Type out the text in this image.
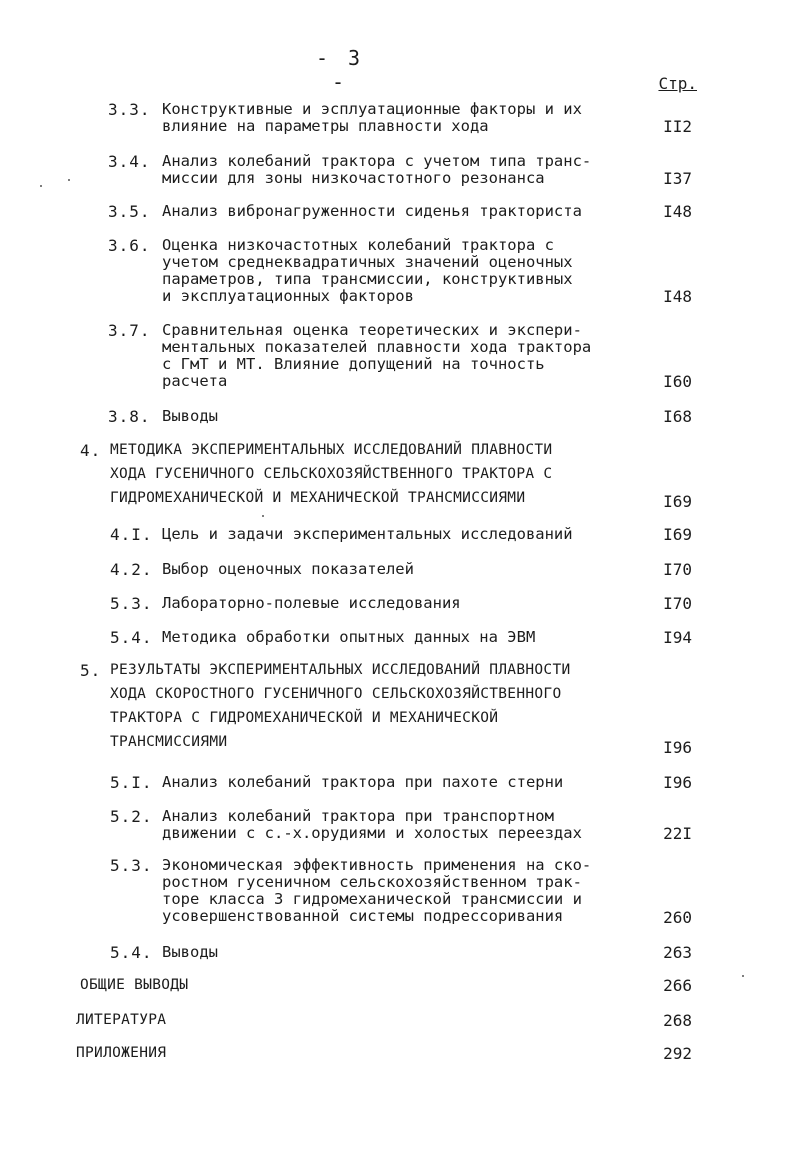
- 3 -	Стр.
3.3. Конструктивные и эсплуатационные факторы и их
влияние на параметры плавности хода	II2
3.4. Анализ колебаний трактора с учетом типа транс-
миссии для зоны низкочастотного резонанса	I37
3.5. Анализ вибронагруженности сиденья тракториста	I48
3.6. Оценка низкочастотных колебаний трактора с
учетом среднеквадратичных значений оценочных
параметров, типа трансмиссии, конструктивных
и эксплуатационных факторов	I48
3.7. Сравнительная оценка теоретических и экспери-
ментальных показателей плавности хода трактора
с ГмТ и МТ. Влияние допущений на точность
расчета	I60
3.8. Выводы	I68
4. МЕТОДИКА ЭКСПЕРИМЕНТАЛЬНЫХ ИССЛЕДОВАНИЙ ПЛАВНОСТИ
ХОДА ГУСЕНИЧНОГО СЕЛЬСКОХОЗЯЙСТВЕННОГО ТРАКТОРА С
ГИДРОМЕХАНИЧЕСКОЙ И МЕХАНИЧЕСКОЙ ТРАНСМИССИЯМИ	I69
4.I. Цель и задачи экспериментальных исследований	I69
4.2. Выбор оценочных показателей	I70
5.3. Лабораторно-полевые исследования	I70
5.4. Методика обработки опытных данных на ЭВМ	I94
5. РЕЗУЛЬТАТЫ ЭКСПЕРИМЕНТАЛЬНЫХ ИССЛЕДОВАНИЙ ПЛАВНОСТИ
ХОДА СКОРОСТНОГО ГУСЕНИЧНОГО СЕЛЬСКОХОЗЯЙСТВЕННОГО
ТРАКТОРА С ГИДРОМЕХАНИЧЕСКОЙ И МЕХАНИЧЕСКОЙ
ТРАНСМИССИЯМИ	I96
5.I. Анализ колебаний трактора при пахоте стерни	I96
5.2. Анализ колебаний трактора при транспортном
движении с с.-х.орудиями и холостых переездах	22I
5.3. Экономическая эффективность применения на ско-
ростном гусеничном сельскохозяйственном трак-
торе класса 3 гидромеханической трансмиссии и
усовершенствованной системы подрессоривания	260
5.4. Выводы	263
ОБЩИЕ ВЫВОДЫ	266
ЛИТЕРАТУРА	268
ПРИЛОЖЕНИЯ	292
